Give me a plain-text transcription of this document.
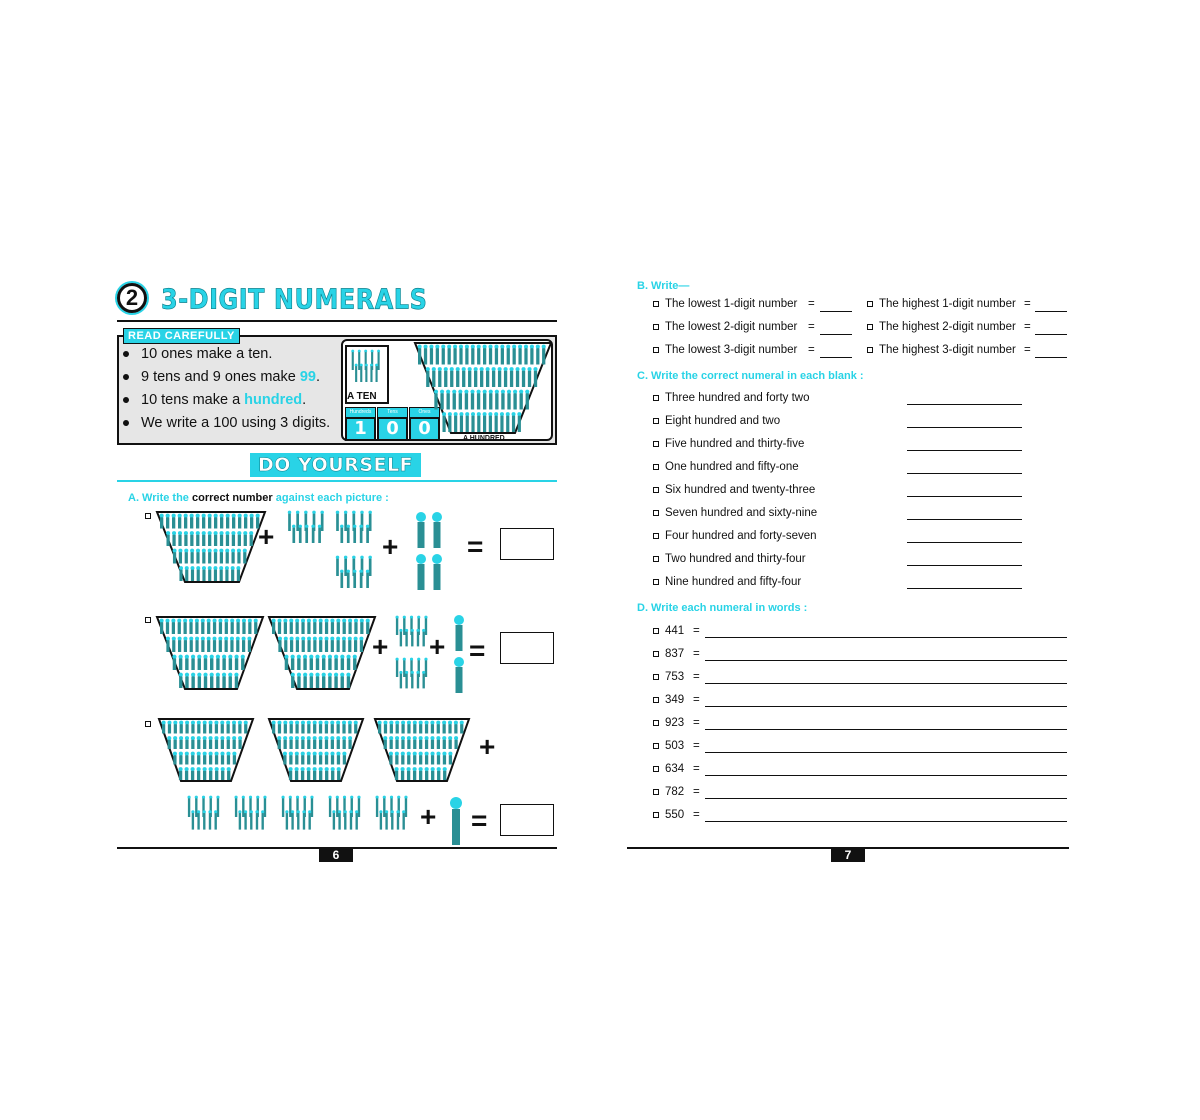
2 3-DIGIT NUMERALS
READ CAREFULLY
10 ones make a ten.
9 tens and 9 ones make 99.
10 tens make a hundred.
We write a 100 using 3 digits.
A TEN
Hundreds	Tens	Ones
1	0	0	A HUNDRED
DO YOURSELF
A. Write the correct number against each picture :
+	+ =
+ + =
+
+ =
6
B. Write—
The lowest 1-digit number =	The highest 1-digit number =
The lowest 2-digit number =	The highest 2-digit number =
The lowest 3-digit number =	The highest 3-digit number =
C. Write the correct numeral in each blank :
Three hundred and forty two
Eight hundred and two
Five hundred and thirty-five
One hundred and fifty-one
Six hundred and twenty-three
Seven hundred and sixty-nine
Four hundred and forty-seven
Two hundred and thirty-four
Nine hundred and fifty-four
D. Write each numeral in words :
441 =
837 =
753 =
349 =
923 =
503 =
634 =
782 =
550 =
7
